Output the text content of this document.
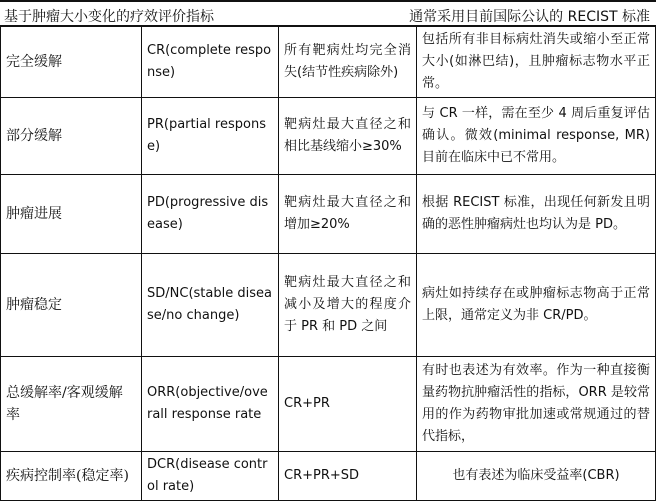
基于肿瘤大小变化的疗效评价指标	通常采用目前国际公认的 RECIST 标准
完全缓解	CR(complete response)	所有靶病灶均完全消失(结节性疾病除外)	包括所有非目标病灶消失或缩小至正常大小(如淋巴结)，且肿瘤标志物水平正常。
部分缓解	PR(partial response)	靶病灶最大直径之和相比基线缩小≥30%	与 CR 一样，需在至少 4 周后重复评估确认。微效(minimal response, MR)目前在临床中已不常用。
肿瘤进展	PD(progressive disease)	靶病灶最大直径之和增加≥20%	根据 RECIST 标准，出现任何新发且明确的恶性肿瘤病灶也均认为是 PD。
肿瘤稳定	SD/NC(stable disease/no change)	靶病灶最大直径之和减小及增大的程度介于 PR 和 PD 之间	病灶如持续存在或肿瘤标志物高于正常上限，通常定义为非 CR/PD。
总缓解率/客观缓解率	ORR(objective/overall response rate	CR+PR	有时也表述为有效率。作为一种直接衡量药物抗肿瘤活性的指标，ORR 是较常用的作为药物审批加速或常规通过的替代指标，
疾病控制率(稳定率)	DCR(disease control rate)	CR+PR+SD	也有表述为临床受益率(CBR)
